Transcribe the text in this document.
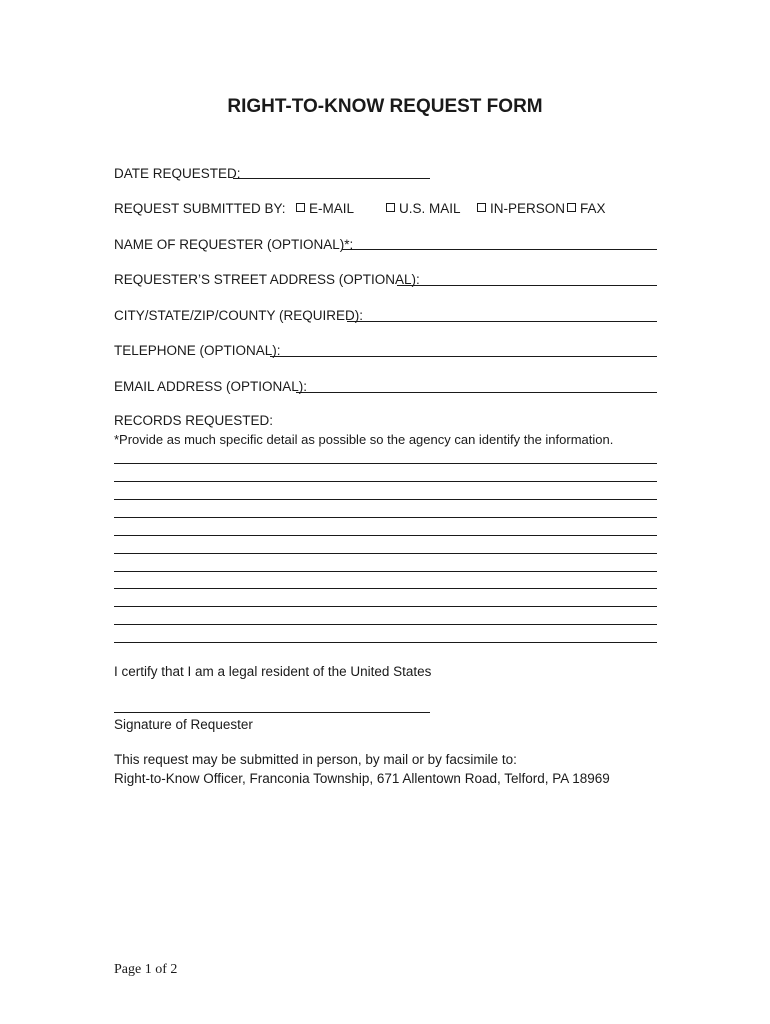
RIGHT-TO-KNOW REQUEST FORM
DATE REQUESTED:
REQUEST SUBMITTED BY:	E-MAIL	U.S. MAIL	IN-PERSON	FAX
NAME OF REQUESTER (OPTIONAL)*:
REQUESTER’S STREET ADDRESS (OPTIONAL):
CITY/STATE/ZIP/COUNTY (REQUIRED):
TELEPHONE (OPTIONAL):
EMAIL ADDRESS (OPTIONAL):
RECORDS REQUESTED:
*Provide as much specific detail as possible so the agency can identify the information.
I certify that I am a legal resident of the United States
Signature of Requester
This request may be submitted in person, by mail or by facsimile to:
Right-to-Know Officer, Franconia Township, 671 Allentown Road, Telford, PA 18969
Page 1 of 2
